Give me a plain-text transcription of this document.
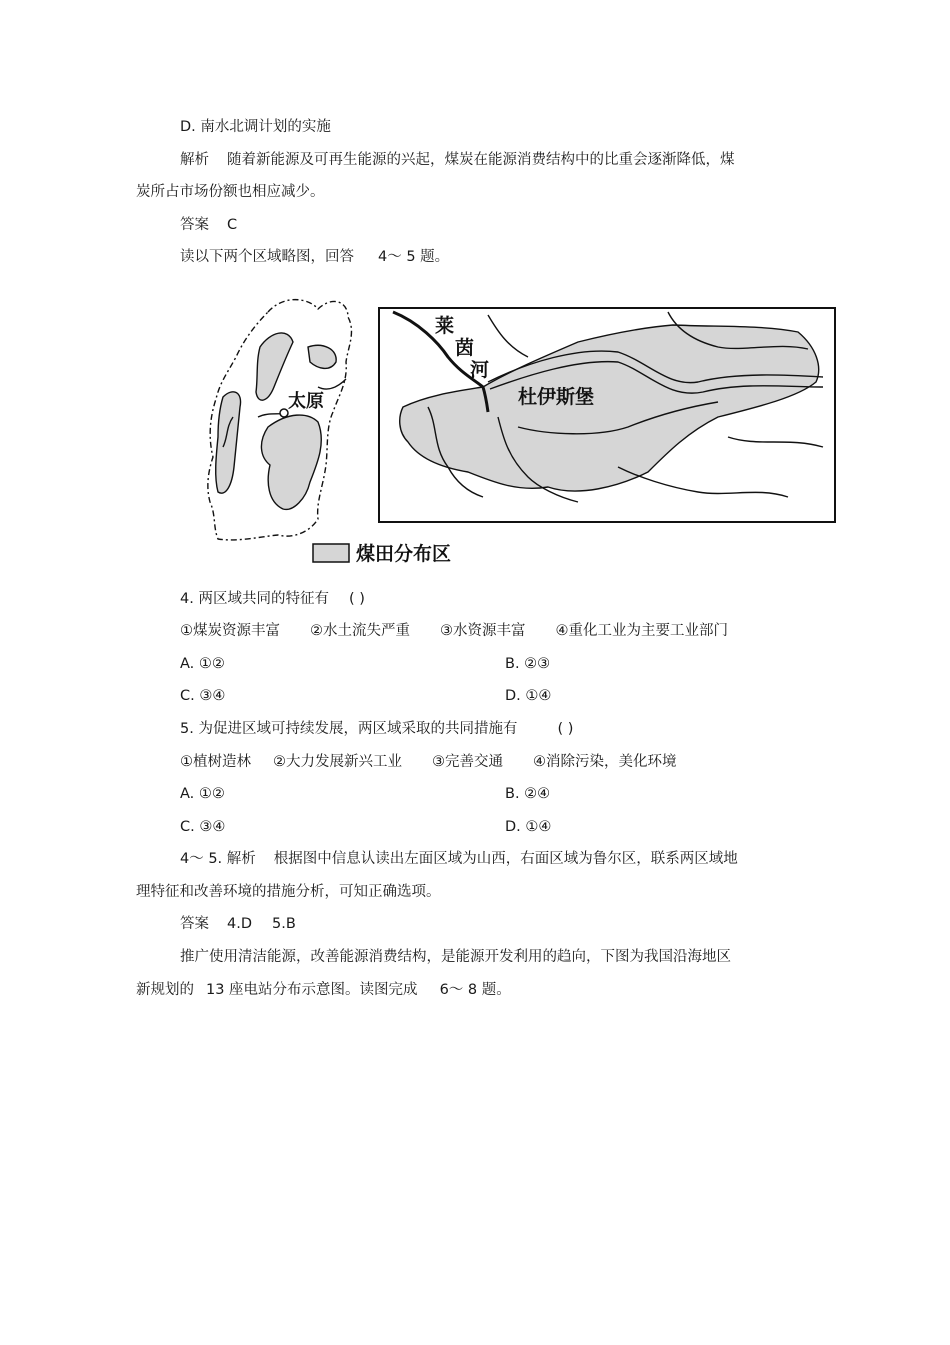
D. 南水北调计划的实施
解析 随着新能源及可再生能源的兴起，煤炭在能源消费结构中的比重会逐渐降低，煤
炭所占市场份额也相应减少。
答案 C
读以下两个区域略图，回答 4～ 5 题。
太原
莱
茵
河
杜伊斯堡
煤田分布区
4. 两区域共同的特征有 ( )
①煤炭资源丰富 ②水土流失严重 ③水资源丰富 ④重化工业为主要工业部门
A. ①②	B. ②③
C. ③④	D. ①④
5. 为促进区域可持续发展，两区域采取的共同措施有	( )
①植树造林 ②大力发展新兴工业 ③完善交通 ④消除污染，美化环境
A. ①②	B. ②④
C. ③④	D. ①④
4～ 5. 解析 根据图中信息认读出左面区域为山西，右面区域为鲁尔区，联系两区域地
理特征和改善环境的措施分析，可知正确选项。
答案 4.D 5.B
推广使用清洁能源，改善能源消费结构，是能源开发利用的趋向，下图为我国沿海地区
新规划的 13 座电站分布示意图。读图完成 6～ 8 题。
